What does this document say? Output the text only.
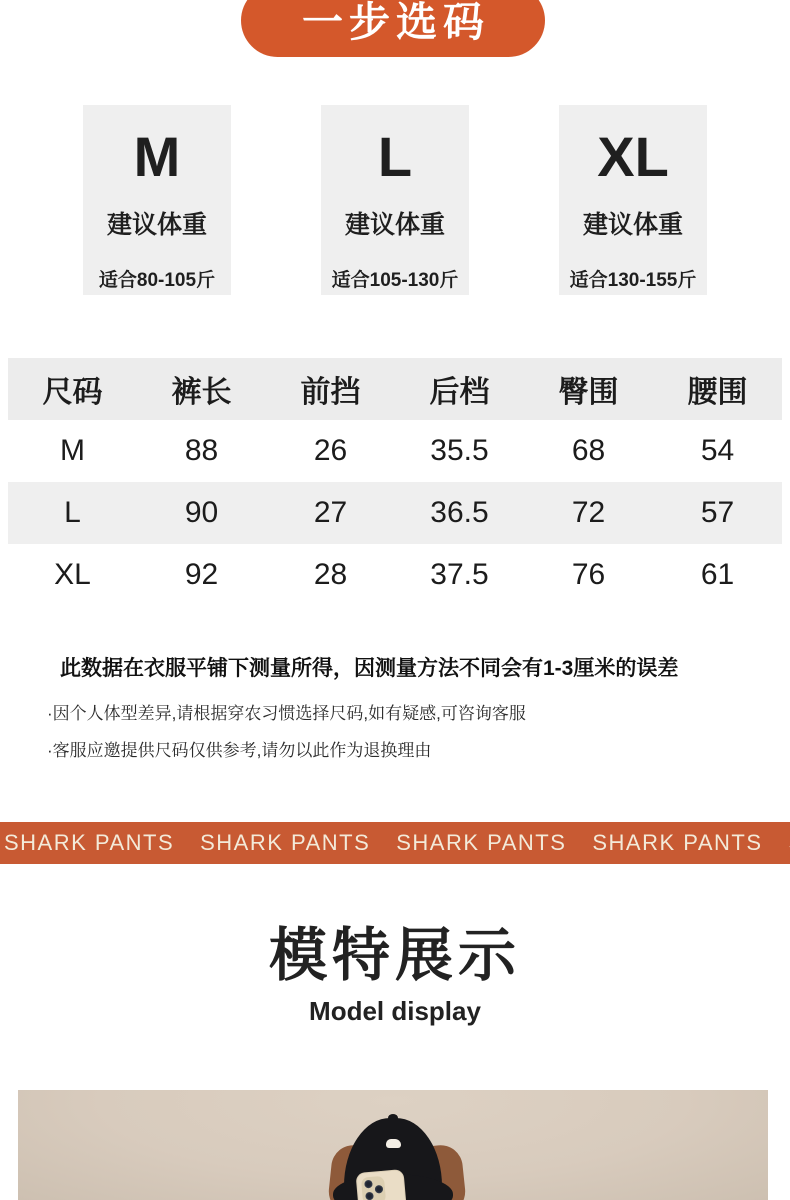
一步选码
M
建议体重
适合80-105斤
L
建议体重
适合105-130斤
XL
建议体重
适合130-155斤
尺码	裤长	前挡	后档	臀围	腰围
M	88	26	35.5	68	54
L	90	27	36.5	72	57
XL	92	28	37.5	76	61
此数据在衣服平铺下测量所得，因测量方法不同会有1-3厘米的误差
·因个人体型差异,请根据穿农习惯选择尺码,如有疑感,可咨询客服
·客服应邀提供尺码仅供参考,请勿以此作为退换理由
SHARK PANTS SHARK PANTS SHARK PANTS SHARK PANTS
模特展示
Model display
